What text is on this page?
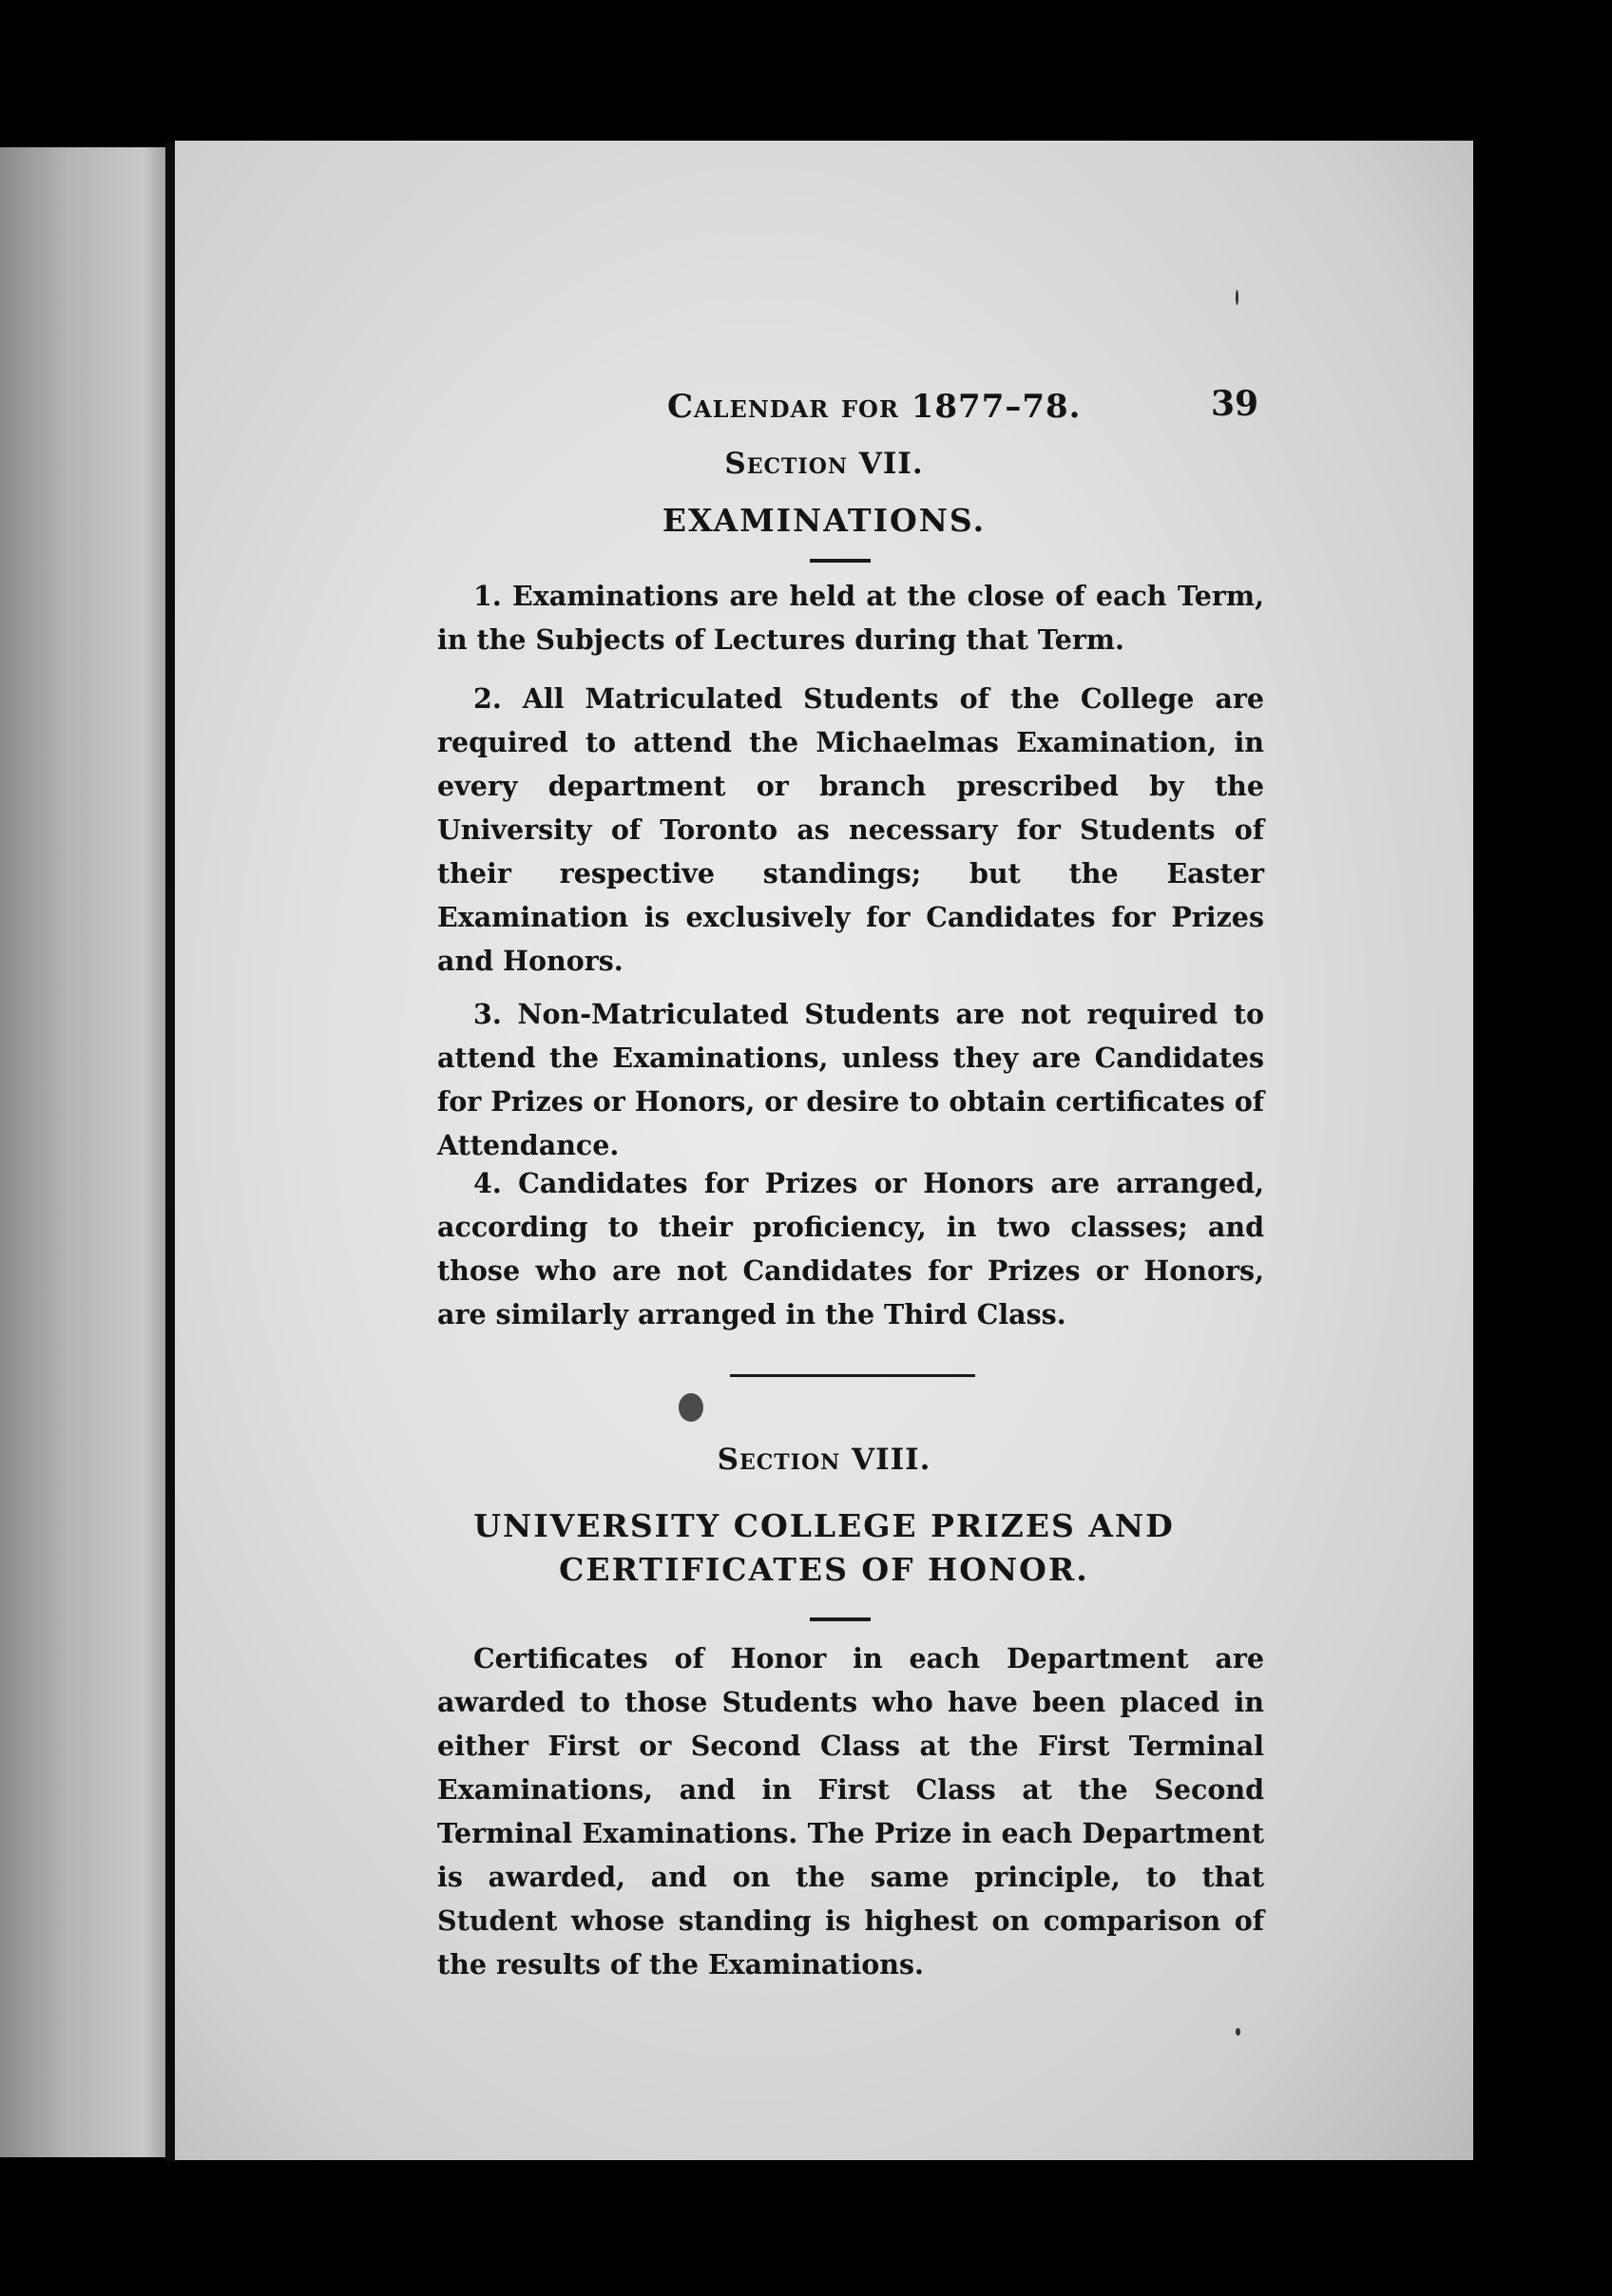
Calendar for 1877–78.	39
Section VII.
EXAMINATIONS.

1. Examinations are held at the close of each Term, in the Subjects of Lectures during that Term.

2. All Matriculated Students of the College are required to attend the Michaelmas Examination, in every department or branch prescribed by the University of Toronto as necessary for Students of their respective standings; but the Easter Examination is exclusively for Candidates for Prizes and Honors.

3. Non-Matriculated Students are not required to attend the Examinations, unless they are Candidates for Prizes or Honors, or desire to obtain certificates of Attendance.

4. Candidates for Prizes or Honors are arranged, according to their proficiency, in two classes; and those who are not Candidates for Prizes or Honors, are similarly arranged in the Third Class.

Section VIII.
UNIVERSITY COLLEGE PRIZES AND
CERTIFICATES OF HONOR.

Certificates of Honor in each Department are awarded to those Students who have been placed in either First or Second Class at the First Terminal Examinations, and in First Class at the Second Terminal Examinations. The Prize in each Department is awarded, and on the same principle, to that Student whose standing is highest on comparison of the results of the Examinations.
